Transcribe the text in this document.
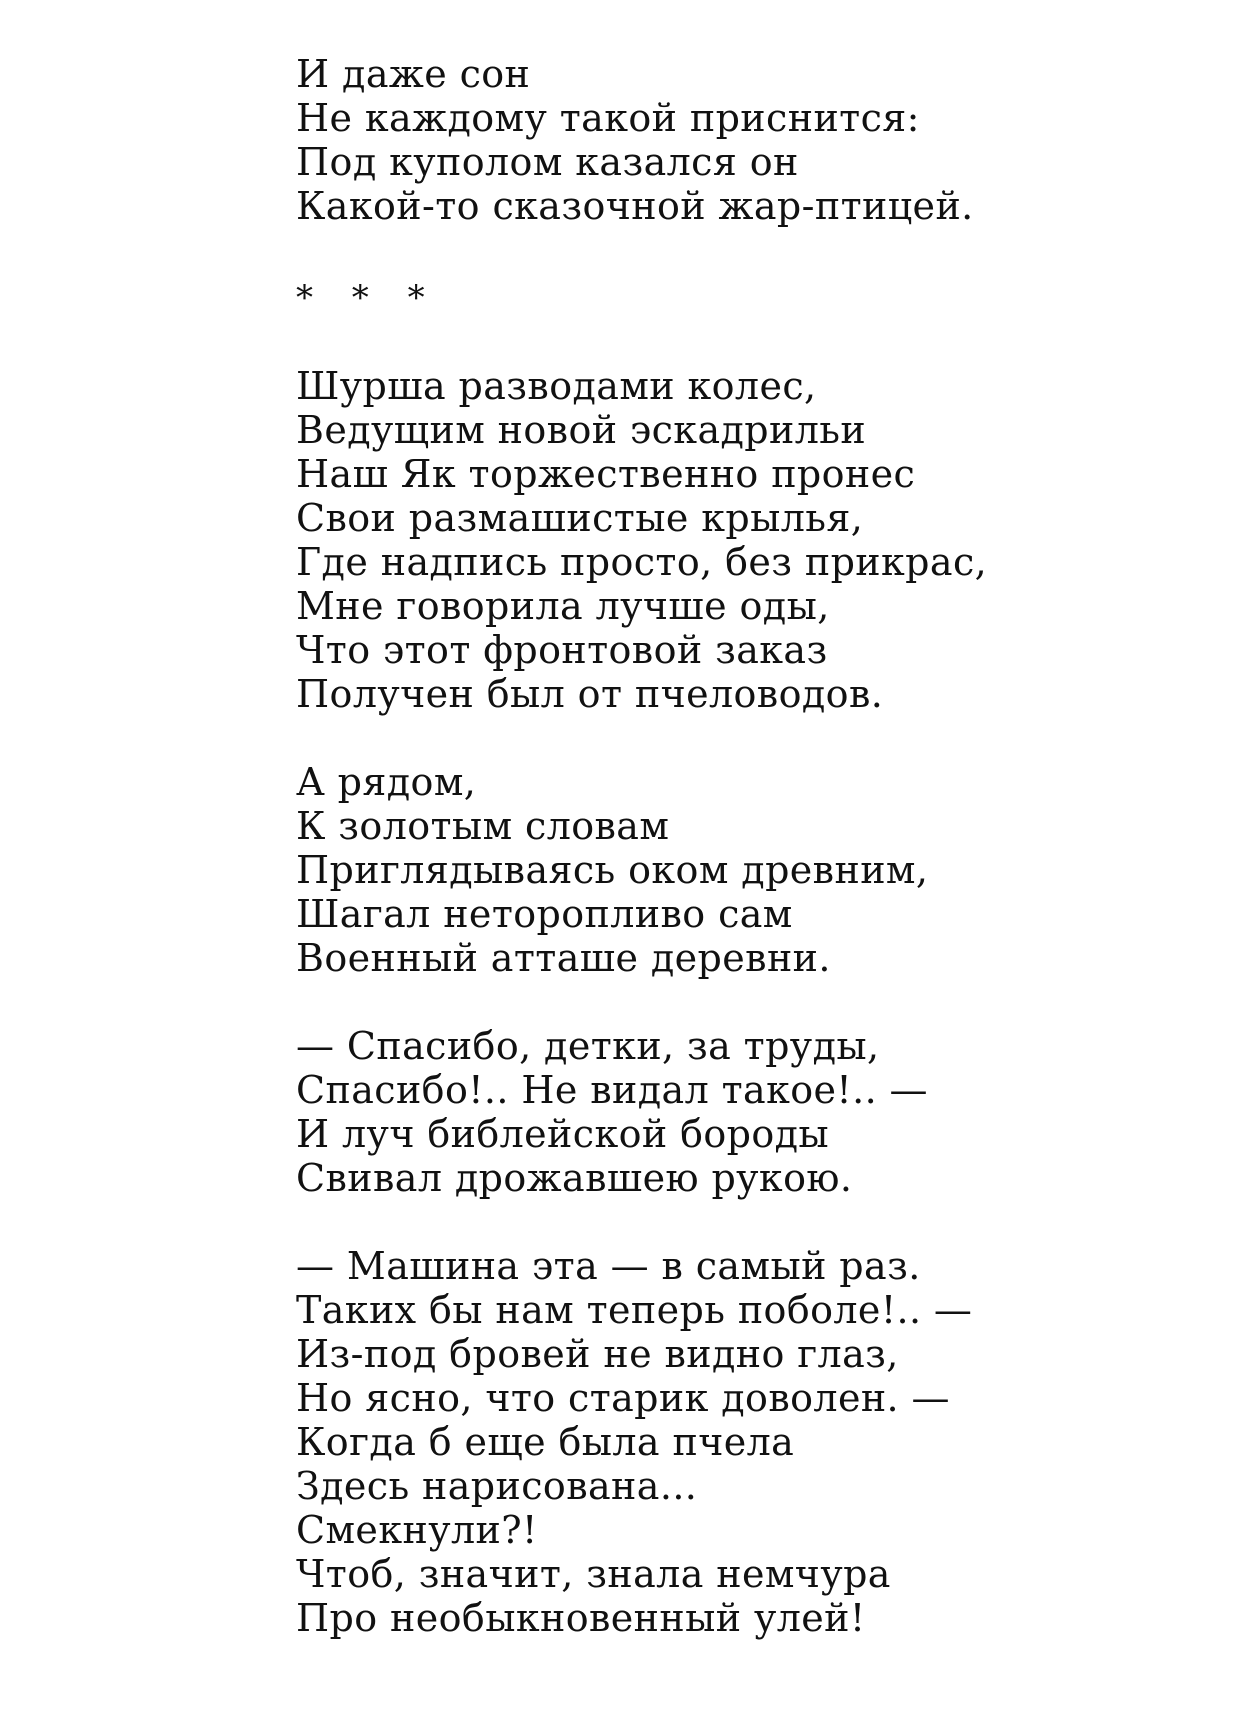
И даже сон
Не каждому такой приснится:
Под куполом казался он
Какой-то сказочной жар-птицей.
* * *
Шурша разводами колес,
Ведущим новой эскадрильи
Наш Як торжественно пронес
Свои размашистые крылья,
Где надпись просто, без прикрас,
Мне говорила лучше оды,
Что этот фронтовой заказ
Получен был от пчеловодов.
А рядом,
К золотым словам
Приглядываясь оком древним,
Шагал неторопливо сам
Военный атташе деревни.
— Спасибо, детки, за труды,
Спасибо!.. Не видал такое!.. —
И луч библейской бороды
Свивал дрожавшею рукою.
— Машина эта — в самый раз.
Таких бы нам теперь поболе!.. —
Из-под бровей не видно глаз,
Но ясно, что старик доволен. —
Когда б еще была пчела
Здесь нарисована...
Смекнули?!
Чтоб, значит, знала немчура
Про необыкновенный улей!
